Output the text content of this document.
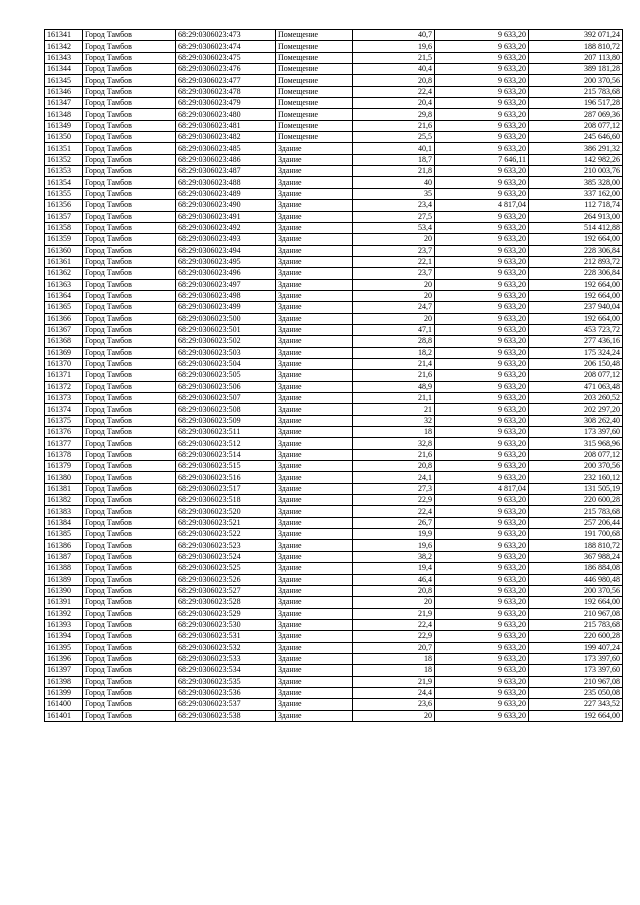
161341	Город Тамбов	68:29:0306023:473	Помещение	40,7	9 633,20	392 071,24
161342	Город Тамбов	68:29:0306023:474	Помещение	19,6	9 633,20	188 810,72
161343	Город Тамбов	68:29:0306023:475	Помещение	21,5	9 633,20	207 113,80
161344	Город Тамбов	68:29:0306023:476	Помещение	40,4	9 633,20	389 181,28
161345	Город Тамбов	68:29:0306023:477	Помещение	20,8	9 633,20	200 370,56
161346	Город Тамбов	68:29:0306023:478	Помещение	22,4	9 633,20	215 783,68
161347	Город Тамбов	68:29:0306023:479	Помещение	20,4	9 633,20	196 517,28
161348	Город Тамбов	68:29:0306023:480	Помещение	29,8	9 633,20	287 069,36
161349	Город Тамбов	68:29:0306023:481	Помещение	21,6	9 633,20	208 077,12
161350	Город Тамбов	68:29:0306023:482	Помещение	25,5	9 633,20	245 646,60
161351	Город Тамбов	68:29:0306023:485	Здание	40,1	9 633,20	386 291,32
161352	Город Тамбов	68:29:0306023:486	Здание	18,7	7 646,11	142 982,26
161353	Город Тамбов	68:29:0306023:487	Здание	21,8	9 633,20	210 003,76
161354	Город Тамбов	68:29:0306023:488	Здание	40	9 633,20	385 328,00
161355	Город Тамбов	68:29:0306023:489	Здание	35	9 633,20	337 162,00
161356	Город Тамбов	68:29:0306023:490	Здание	23,4	4 817,04	112 718,74
161357	Город Тамбов	68:29:0306023:491	Здание	27,5	9 633,20	264 913,00
161358	Город Тамбов	68:29:0306023:492	Здание	53,4	9 633,20	514 412,88
161359	Город Тамбов	68:29:0306023:493	Здание	20	9 633,20	192 664,00
161360	Город Тамбов	68:29:0306023:494	Здание	23,7	9 633,20	228 306,84
161361	Город Тамбов	68:29:0306023:495	Здание	22,1	9 633,20	212 893,72
161362	Город Тамбов	68:29:0306023:496	Здание	23,7	9 633,20	228 306,84
161363	Город Тамбов	68:29:0306023:497	Здание	20	9 633,20	192 664,00
161364	Город Тамбов	68:29:0306023:498	Здание	20	9 633,20	192 664,00
161365	Город Тамбов	68:29:0306023:499	Здание	24,7	9 633,20	237 940,04
161366	Город Тамбов	68:29:0306023:500	Здание	20	9 633,20	192 664,00
161367	Город Тамбов	68:29:0306023:501	Здание	47,1	9 633,20	453 723,72
161368	Город Тамбов	68:29:0306023:502	Здание	28,8	9 633,20	277 436,16
161369	Город Тамбов	68:29:0306023:503	Здание	18,2	9 633,20	175 324,24
161370	Город Тамбов	68:29:0306023:504	Здание	21,4	9 633,20	206 150,48
161371	Город Тамбов	68:29:0306023:505	Здание	21,6	9 633,20	208 077,12
161372	Город Тамбов	68:29:0306023:506	Здание	48,9	9 633,20	471 063,48
161373	Город Тамбов	68:29:0306023:507	Здание	21,1	9 633,20	203 260,52
161374	Город Тамбов	68:29:0306023:508	Здание	21	9 633,20	202 297,20
161375	Город Тамбов	68:29:0306023:509	Здание	32	9 633,20	308 262,40
161376	Город Тамбов	68:29:0306023:511	Здание	18	9 633,20	173 397,60
161377	Город Тамбов	68:29:0306023:512	Здание	32,8	9 633,20	315 968,96
161378	Город Тамбов	68:29:0306023:514	Здание	21,6	9 633,20	208 077,12
161379	Город Тамбов	68:29:0306023:515	Здание	20,8	9 633,20	200 370,56
161380	Город Тамбов	68:29:0306023:516	Здание	24,1	9 633,20	232 160,12
161381	Город Тамбов	68:29:0306023:517	Здание	27,3	4 817,04	131 505,19
161382	Город Тамбов	68:29:0306023:518	Здание	22,9	9 633,20	220 600,28
161383	Город Тамбов	68:29:0306023:520	Здание	22,4	9 633,20	215 783,68
161384	Город Тамбов	68:29:0306023:521	Здание	26,7	9 633,20	257 206,44
161385	Город Тамбов	68:29:0306023:522	Здание	19,9	9 633,20	191 700,68
161386	Город Тамбов	68:29:0306023:523	Здание	19,6	9 633,20	188 810,72
161387	Город Тамбов	68:29:0306023:524	Здание	38,2	9 633,20	367 988,24
161388	Город Тамбов	68:29:0306023:525	Здание	19,4	9 633,20	186 884,08
161389	Город Тамбов	68:29:0306023:526	Здание	46,4	9 633,20	446 980,48
161390	Город Тамбов	68:29:0306023:527	Здание	20,8	9 633,20	200 370,56
161391	Город Тамбов	68:29:0306023:528	Здание	20	9 633,20	192 664,00
161392	Город Тамбов	68:29:0306023:529	Здание	21,9	9 633,20	210 967,08
161393	Город Тамбов	68:29:0306023:530	Здание	22,4	9 633,20	215 783,68
161394	Город Тамбов	68:29:0306023:531	Здание	22,9	9 633,20	220 600,28
161395	Город Тамбов	68:29:0306023:532	Здание	20,7	9 633,20	199 407,24
161396	Город Тамбов	68:29:0306023:533	Здание	18	9 633,20	173 397,60
161397	Город Тамбов	68:29:0306023:534	Здание	18	9 633,20	173 397,60
161398	Город Тамбов	68:29:0306023:535	Здание	21,9	9 633,20	210 967,08
161399	Город Тамбов	68:29:0306023:536	Здание	24,4	9 633,20	235 050,08
161400	Город Тамбов	68:29:0306023:537	Здание	23,6	9 633,20	227 343,52
161401	Город Тамбов	68:29:0306023:538	Здание	20	9 633,20	192 664,00
